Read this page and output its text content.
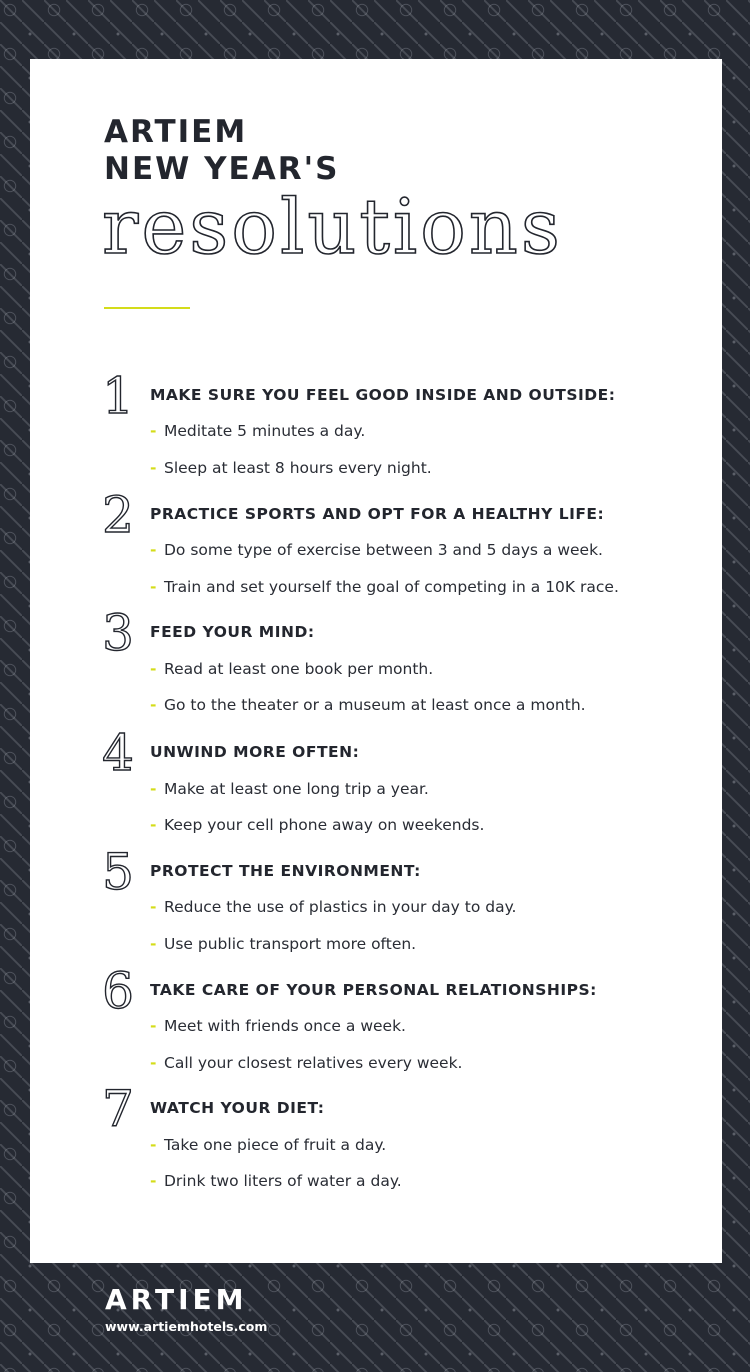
ARTIEM

NEW YEAR'S

resolutions
1	MAKE SURE YOU FEEL GOOD INSIDE AND OUTSIDE:
- Meditate 5 minutes a day.
- Sleep at least 8 hours every night.
2	PRACTICE SPORTS AND OPT FOR A HEALTHY LIFE:
- Do some type of exercise between 3 and 5 days a week.
- Train and set yourself the goal of competing in a 10K race.
3	FEED YOUR MIND:
- Read at least one book per month.
- Go to the theater or a museum at least once a month.
4	UNWIND MORE OFTEN:
- Make at least one long trip a year.
- Keep your cell phone away on weekends.
5	PROTECT THE ENVIRONMENT:
- Reduce the use of plastics in your day to day.
- Use public transport more often.
6	TAKE CARE OF YOUR PERSONAL RELATIONSHIPS:
- Meet with friends once a week.
- Call your closest relatives every week.
7	WATCH YOUR DIET:
- Take one piece of fruit a day.
- Drink two liters of water a day.
ARTIEM
www.artiemhotels.com
